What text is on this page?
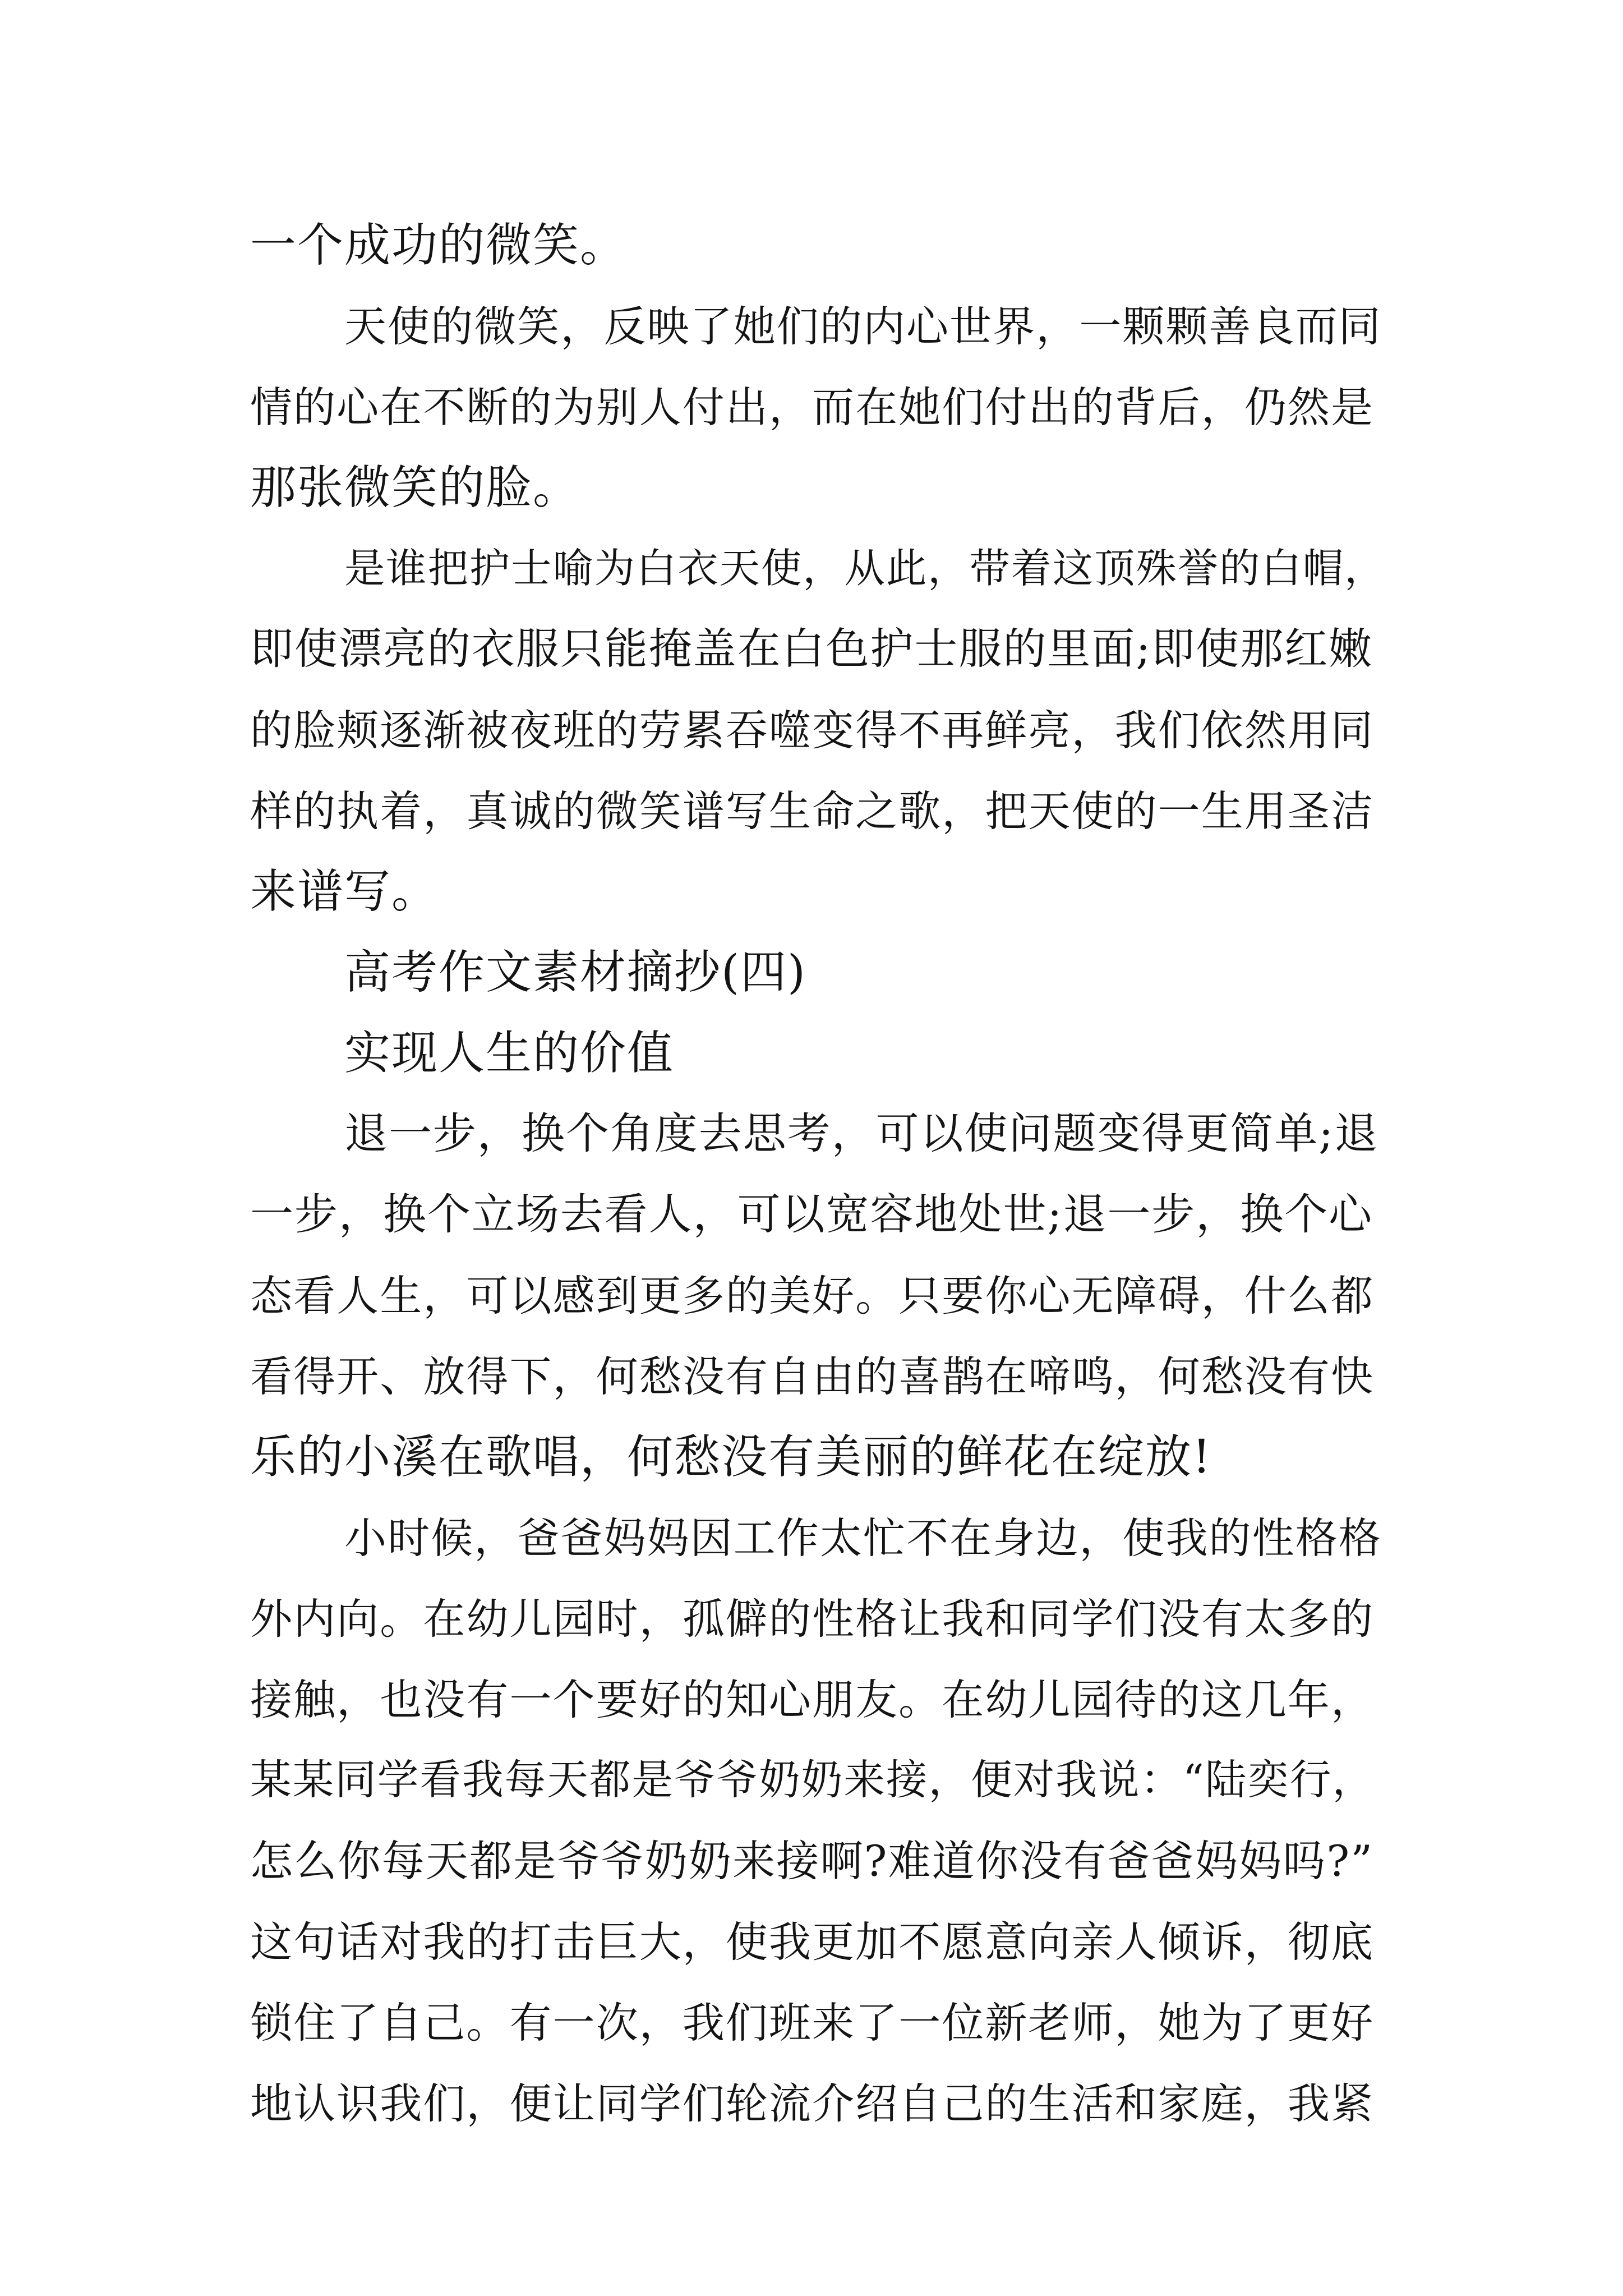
一个成功的微笑。
天使的微笑，反映了她们的内心世界，一颗颗善良而同
情的心在不断的为别人付出，而在她们付出的背后，仍然是
那张微笑的脸。
是谁把护士喻为白衣天使，从此，带着这顶殊誉的白帽，
即使漂亮的衣服只能掩盖在白色护士服的里面;即使那红嫩
的脸颊逐渐被夜班的劳累吞噬变得不再鲜亮，我们依然用同
样的执着，真诚的微笑谱写生命之歌，把天使的一生用圣洁
来谱写。
高考作文素材摘抄(四)
实现人生的价值
退一步，换个角度去思考，可以使问题变得更简单;退
一步，换个立场去看人，可以宽容地处世;退一步，换个心
态看人生，可以感到更多的美好。只要你心无障碍，什么都
看得开、放得下，何愁没有自由的喜鹊在啼鸣，何愁没有快
乐的小溪在歌唱，何愁没有美丽的鲜花在绽放!
小时候，爸爸妈妈因工作太忙不在身边，使我的性格格
外内向。在幼儿园时，孤僻的性格让我和同学们没有太多的
接触，也没有一个要好的知心朋友。在幼儿园待的这几年，
某某同学看我每天都是爷爷奶奶来接，便对我说：“陆奕行，
怎么你每天都是爷爷奶奶来接啊?难道你没有爸爸妈妈吗?”
这句话对我的打击巨大，使我更加不愿意向亲人倾诉，彻底
锁住了自己。有一次，我们班来了一位新老师，她为了更好
地认识我们，便让同学们轮流介绍自己的生活和家庭，我紧
